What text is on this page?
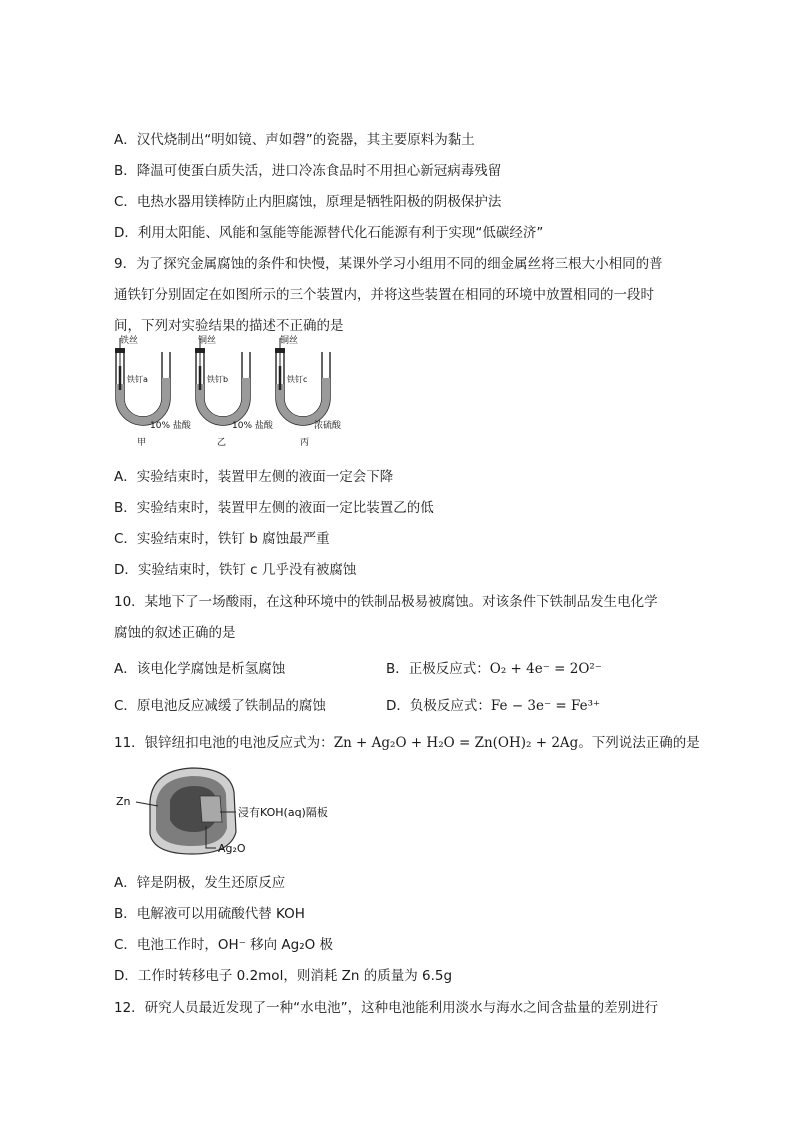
A．汉代烧制出“明如镜、声如磬”的瓷器，其主要原料为黏土
B．降温可使蛋白质失活，进口冷冻食品时不用担心新冠病毒残留
C．电热水器用镁棒防止内胆腐蚀，原理是牺牲阳极的阴极保护法
D．利用太阳能、风能和氢能等能源替代化石能源有利于实现“低碳经济”
9．为了探究金属腐蚀的条件和快慢，某课外学习小组用不同的细金属丝将三根大小相同的普
通铁钉分别固定在如图所示的三个装置内，并将这些装置在相同的环境中放置相同的一段时
间，下列对实验结果的描述不正确的是
铁丝
铁钉a
10% 盐酸
甲
铜丝
铁钉b
10% 盐酸
乙
铜丝
铁钉c
浓硫酸
丙
A．实验结束时，装置甲左侧的液面一定会下降
B．实验结束时，装置甲左侧的液面一定比装置乙的低
C．实验结束时，铁钉 b 腐蚀最严重
D．实验结束时，铁钉 c 几乎没有被腐蚀
10．某地下了一场酸雨，在这种环境中的铁制品极易被腐蚀。对该条件下铁制品发生电化学
腐蚀的叙述正确的是
A．该电化学腐蚀是析氢腐蚀	B．正极反应式：O₂ + 4e⁻ = 2O²⁻
C．原电池反应减缓了铁制品的腐蚀	D．负极反应式：Fe − 3e⁻ = Fe³⁺
11．银锌纽扣电池的电池反应式为：Zn + Ag₂O + H₂O = Zn(OH)₂ + 2Ag。下列说法正确的是
Zn
浸有KOH(aq)隔板
Ag₂O
A．锌是阴极，发生还原反应
B．电解液可以用硫酸代替 KOH
C．电池工作时，OH⁻ 移向 Ag₂O 极
D．工作时转移电子 0.2mol，则消耗 Zn 的质量为 6.5g
12．研究人员最近发现了一种“水电池”，这种电池能利用淡水与海水之间含盐量的差别进行
